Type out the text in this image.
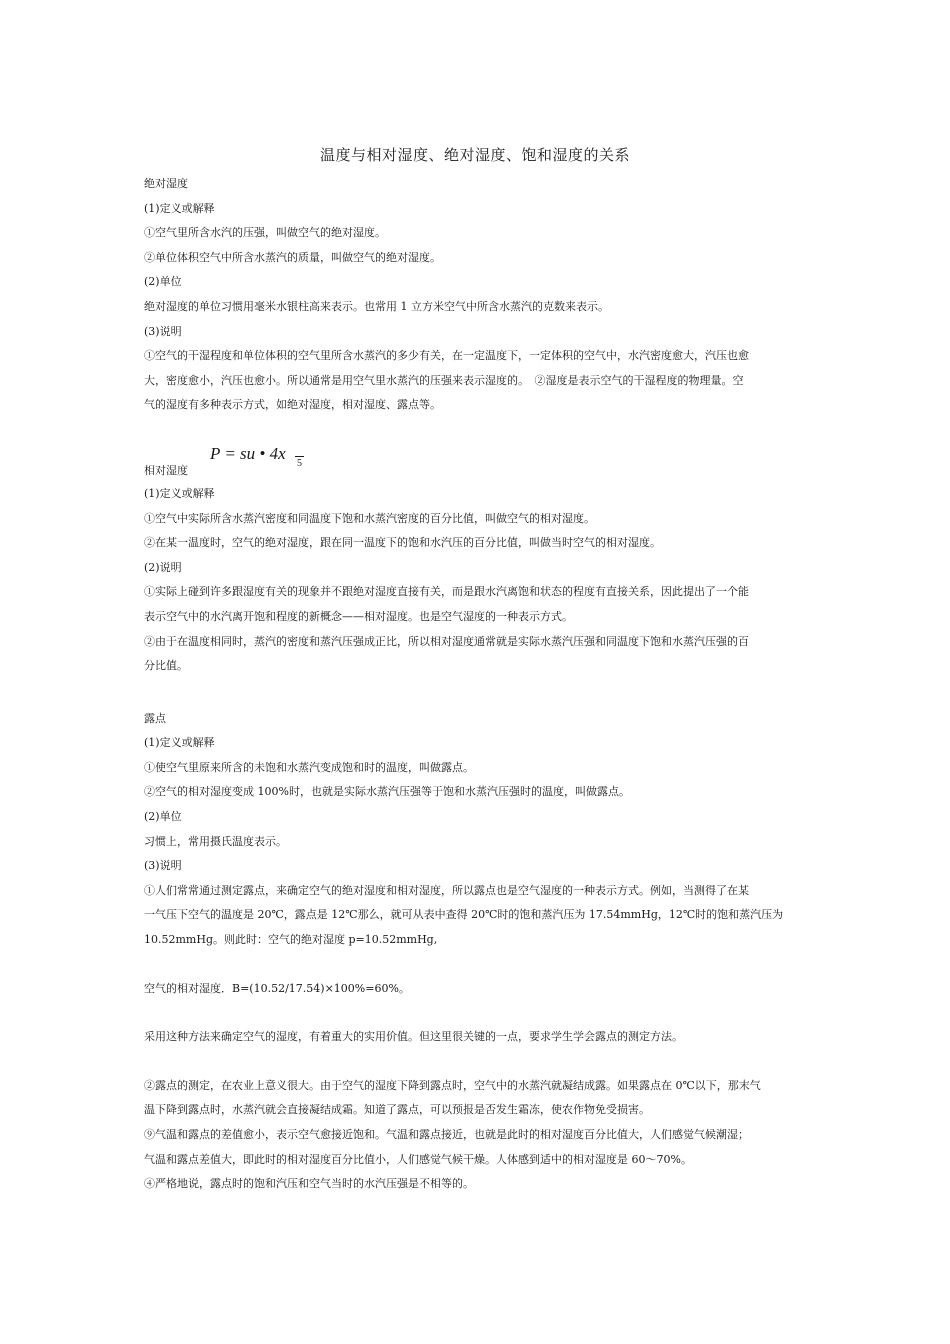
温度与相对湿度、绝对湿度、饱和湿度的关系

绝对湿度

(1)定义或解释

①空气里所含水汽的压强，叫做空气的绝对湿度。

②单位体积空气中所含水蒸汽的质量，叫做空气的绝对湿度。

(2)单位

绝对湿度的单位习惯用毫米水银柱高来表示。也常用 1 立方米空气中所含水蒸汽的克数来表示。

(3)说明

①空气的干湿程度和单位体积的空气里所含水蒸汽的多少有关，在一定温度下，一定体积的空气中，水汽密度愈大，汽压也愈

大，密度愈小，汽压也愈小。所以通常是用空气里水蒸汽的压强来表示湿度的。　②湿度是表示空气的干湿程度的物理量。空

气的湿度有多种表示方式，如绝对湿度，相对湿度、露点等。

相对湿度
P = su • 4x
5

(1)定义或解释

①空气中实际所含水蒸汽密度和同温度下饱和水蒸汽密度的百分比值，叫做空气的相对湿度。

②在某一温度时，空气的绝对湿度，跟在同一温度下的饱和水汽压的百分比值，叫做当时空气的相对湿度。

(2)说明

①实际上碰到许多跟湿度有关的现象并不跟绝对湿度直接有关，而是跟水汽离饱和状态的程度有直接关系，因此提出了一个能

表示空气中的水汽离开饱和程度的新概念——相对湿度。也是空气湿度的一种表示方式。

②由于在温度相同时，蒸汽的密度和蒸汽压强成正比，所以相对湿度通常就是实际水蒸汽压强和同温度下饱和水蒸汽压强的百

分比值。

露点

(1)定义或解释

①使空气里原来所含的未饱和水蒸汽变成饱和时的温度，叫做露点。

②空气的相对湿度变成 100%时，也就是实际水蒸汽压强等于饱和水蒸汽压强时的温度，叫做露点。

(2)单位

习惯上，常用摄氏温度表示。

(3)说明

①人们常常通过测定露点，来确定空气的绝对湿度和相对湿度，所以露点也是空气湿度的一种表示方式。例如，当测得了在某

一气压下空气的温度是 20℃，露点是 12℃那么，就可从表中查得 20℃时的饱和蒸汽压为 17.54mmHg，12℃时的饱和蒸汽压为

10.52mmHg。则此时：空气的绝对湿度 p=10.52mmHg,

空气的相对湿度．B=(10.52/17.54)×100%=60%。

采用这种方法来确定空气的湿度，有着重大的实用价值。但这里很关键的一点，要求学生学会露点的测定方法。

②露点的测定，在农业上意义很大。由于空气的湿度下降到露点时，空气中的水蒸汽就凝结成露。如果露点在 0℃以下，那末气

温下降到露点时，水蒸汽就会直接凝结成霜。知道了露点，可以预报是否发生霜冻，使农作物免受损害。

⑨气温和露点的差值愈小，表示空气愈接近饱和。气温和露点接近，也就是此时的相对湿度百分比值大，人们感觉气候潮湿；

气温和露点差值大，即此时的相对湿度百分比值小，人们感觉气候干燥。人体感到适中的相对湿度是 60～70%。

④严格地说，露点时的饱和汽压和空气当时的水汽压强是不相等的。
